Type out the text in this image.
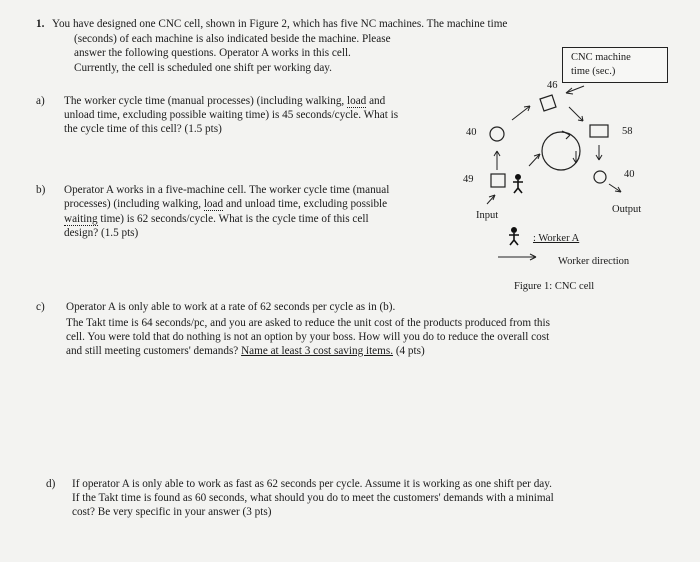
1. You have designed one CNC cell, shown in Figure 2, which has five NC machines. The machine time
(seconds) of each machine is also indicated beside the machine. Please
answer the following questions. Operator A works in this cell.
Currently, the cell is scheduled one shift per working day.
a) The worker cycle time (manual processes) (including walking, load and
unload time, excluding possible waiting time) is 45 seconds/cycle. What is
the cycle time of this cell? (1.5 pts)
b) Operator A works in a five-machine cell. The worker cycle time (manual
processes) (including walking, load and unload time, excluding possible
waiting time) is 62 seconds/cycle. What is the cycle time of this cell
design? (1.5 pts)
CNC machine
time (sec.)
46
40	58
40
49
Input
Output
: Worker A
Worker direction
Figure 1: CNC cell
c) Operator A is only able to work at a rate of 62 seconds per cycle as in (b).
The Takt time is 64 seconds/pc, and you are asked to reduce the unit cost of the products produced from this
cell. You were told that do nothing is not an option by your boss. How will you do to reduce the overall cost
and still meeting customers' demands? Name at least 3 cost saving items. (4 pts)
d) If operator A is only able to work as fast as 62 seconds per cycle. Assume it is working as one shift per day.
If the Takt time is found as 60 seconds, what should you do to meet the customers' demands with a minimal
cost? Be very specific in your answer (3 pts)
